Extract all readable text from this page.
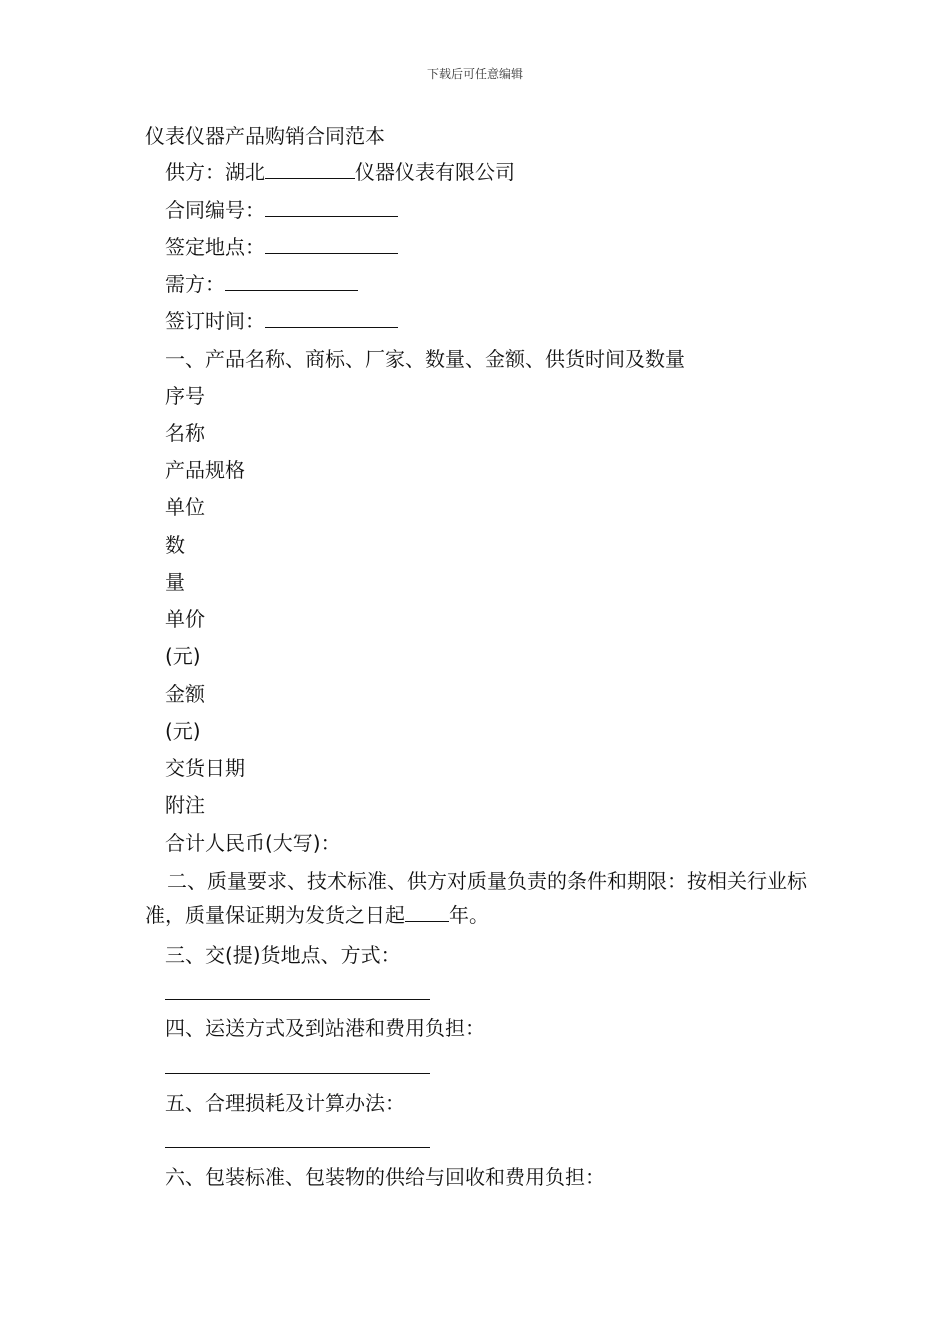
下载后可任意编辑
仪表仪器产品购销合同范本
供方：湖北	仪器仪表有限公司
合同编号：
签定地点：
需方：
签订时间：
一、产品名称、商标、厂家、数量、金额、供货时间及数量
序号
名称
产品规格
单位
数
量
单价
(元)
金额
(元)
交货日期
附注
合计人民币(大写)：
二、质量要求、技术标准、供方对质量负责的条件和期限：按相关行业标准，质量保证期为发货之日起 年。
三、交(提)货地点、方式：
四、运送方式及到站港和费用负担：
五、合理损耗及计算办法：
六、包装标准、包装物的供给与回收和费用负担：
